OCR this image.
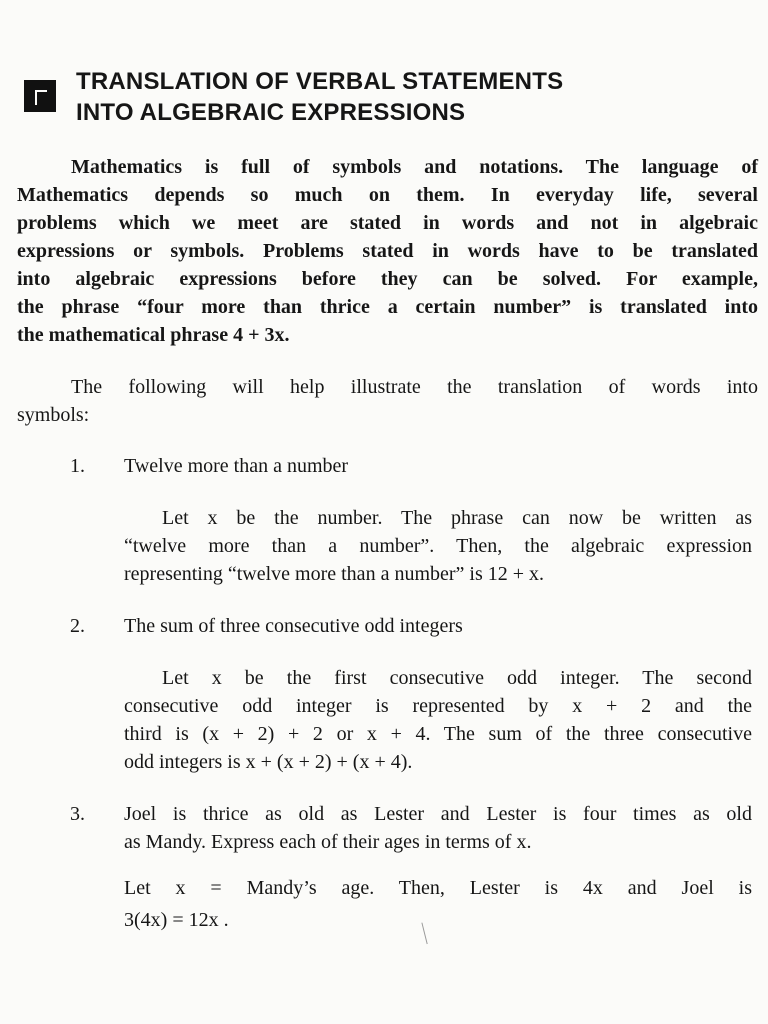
TRANSLATION OF VERBAL STATEMENTS
INTO ALGEBRAIC EXPRESSIONS

Mathematics is full of symbols and notations. The language of
Mathematics depends so much on them. In everyday life, several
problems which we meet are stated in words and not in algebraic
expressions or symbols. Problems stated in words have to be translated
into algebraic expressions before they can be solved. For example,
the phrase “four more than thrice a certain number” is translated into
the mathematical phrase 4 + 3x.

The following will help illustrate the translation of words into
symbols:

1. Twelve more than a number

Let x be the number. The phrase can now be written as
“twelve more than a number”. Then, the algebraic expression
representing “twelve more than a number” is 12 + x.

2. The sum of three consecutive odd integers

Let x be the first consecutive odd integer. The second
consecutive odd integer is represented by x + 2 and the
third is (x + 2) + 2 or x + 4. The sum of the three consecutive
odd integers is x + (x + 2) + (x + 4).

3. Joel is thrice as old as Lester and Lester is four times as old
as Mandy. Express each of their ages in terms of x.

Let x = Mandy’s age. Then, Lester is 4x and Joel is

3(4x) = 12x .
